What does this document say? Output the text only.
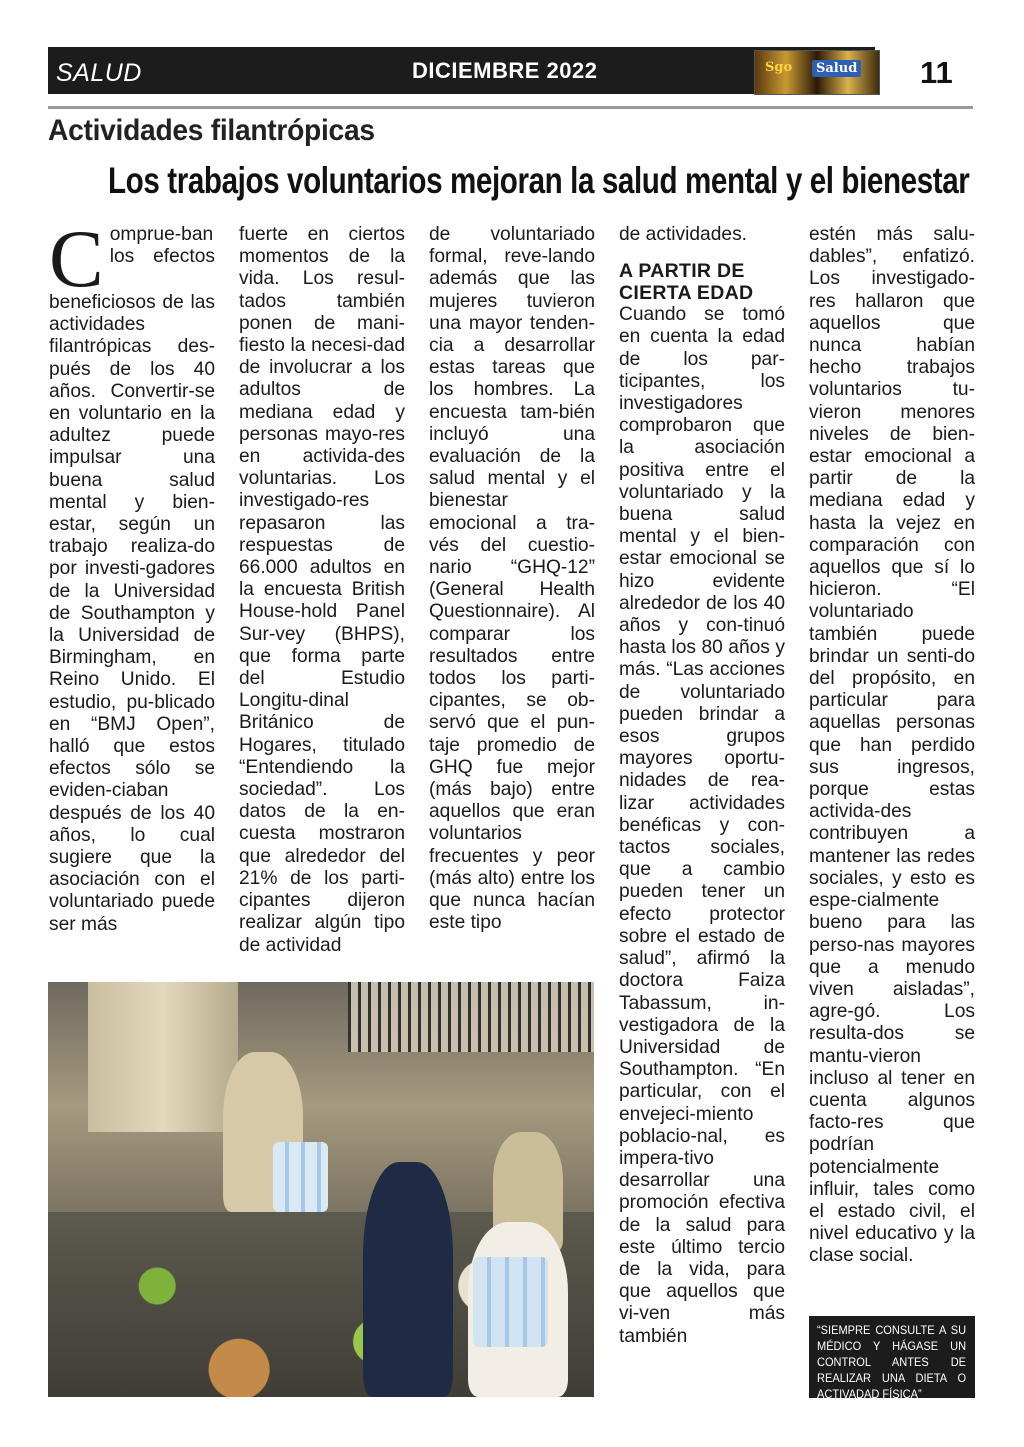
SALUD	DICIEMBRE 2022	Sgo	Salud 11
Actividades filantrópicas
Los trabajos voluntarios mejoran la salud mental y el bienestar
C omprue-ban los efectos beneficiosos de las actividades filantrópicas des-pués de los 40 años. Convertir-se en voluntario en la adultez puede impulsar una buena salud mental y bien-estar, según un trabajo realiza-do por investi-gadores de la Universidad de Southampton y la Universidad de Birmingham, en Reino Unido. El estudio, pu-blicado en “BMJ Open”, halló que estos efectos sólo se eviden-ciaban después de los 40 años, lo cual sugiere que la asociación con el voluntariado puede ser más

fuerte en ciertos momentos de la vida. Los resul-tados también ponen de mani-fiesto la necesi-dad de involucrar a los adultos de mediana edad y personas mayo-res en activida-des voluntarias. Los investigado-res repasaron las respuestas de 66.000 adultos en la encuesta British House-hold Panel Sur-vey (BHPS), que forma parte del Estudio Longitu-dinal Británico de Hogares, titulado “Entendiendo la sociedad”. Los datos de la en-cuesta mostraron que alrededor del 21% de los parti-cipantes dijeron realizar algún tipo de actividad

de voluntariado formal, reve-lando además que las mujeres tuvieron una mayor tenden-cia a desarrollar estas tareas que los hombres. La encuesta tam-bién incluyó una evaluación de la salud mental y el bienestar emocional a tra-vés del cuestio-nario “GHQ-12” (General Health Questionnaire). Al comparar los resultados entre todos los parti-cipantes, se ob-servó que el pun-taje promedio de GHQ fue mejor (más bajo) entre aquellos que eran voluntarios frecuentes y peor (más alto) entre los que nunca hacían este tipo

de actividades.

A PARTIR DE CIERTA EDAD

Cuando se tomó en cuenta la edad de los par-ticipantes, los investigadores comprobaron que la asociación positiva entre el voluntariado y la buena salud mental y el bien-estar emocional se hizo evidente alrededor de los 40 años y con-tinuó hasta los 80 años y más. “Las acciones de voluntariado pueden brindar a esos grupos mayores oportu-nidades de rea-lizar actividades benéficas y con-tactos sociales, que a cambio pueden tener un efecto protector sobre el estado de salud”, afirmó la doctora Faiza Tabassum, in-vestigadora de la Universidad de Southampton. “En particular, con el envejeci-miento poblacio-nal, es impera-tivo desarrollar una promoción efectiva de la salud para este último tercio de la vida, para que aquellos que vi-ven más también

estén más salu-dables”, enfatizó. Los investigado-res hallaron que aquellos que nunca habían hecho trabajos voluntarios tu-vieron menores niveles de bien-estar emocional a partir de la mediana edad y hasta la vejez en comparación con aquellos que sí lo hicieron. “El voluntariado también puede brindar un senti-do del propósito, en particular para aquellas personas que han perdido sus ingresos, porque estas activida-des contribuyen a mantener las redes sociales, y esto es espe-cialmente bueno para las perso-nas mayores que a menudo viven aisladas”, agre-gó. Los resulta-dos se mantu-vieron incluso al tener en cuenta algunos facto-res que podrían potencialmente influir, tales como el estado civil, el nivel educativo y la clase social.

“SIEMPRE CONSULTE A SU MÉDICO Y HÁGASE UN CONTROL ANTES DE REALIZAR UNA DIETA O ACTIVADAD FÍSICA”
